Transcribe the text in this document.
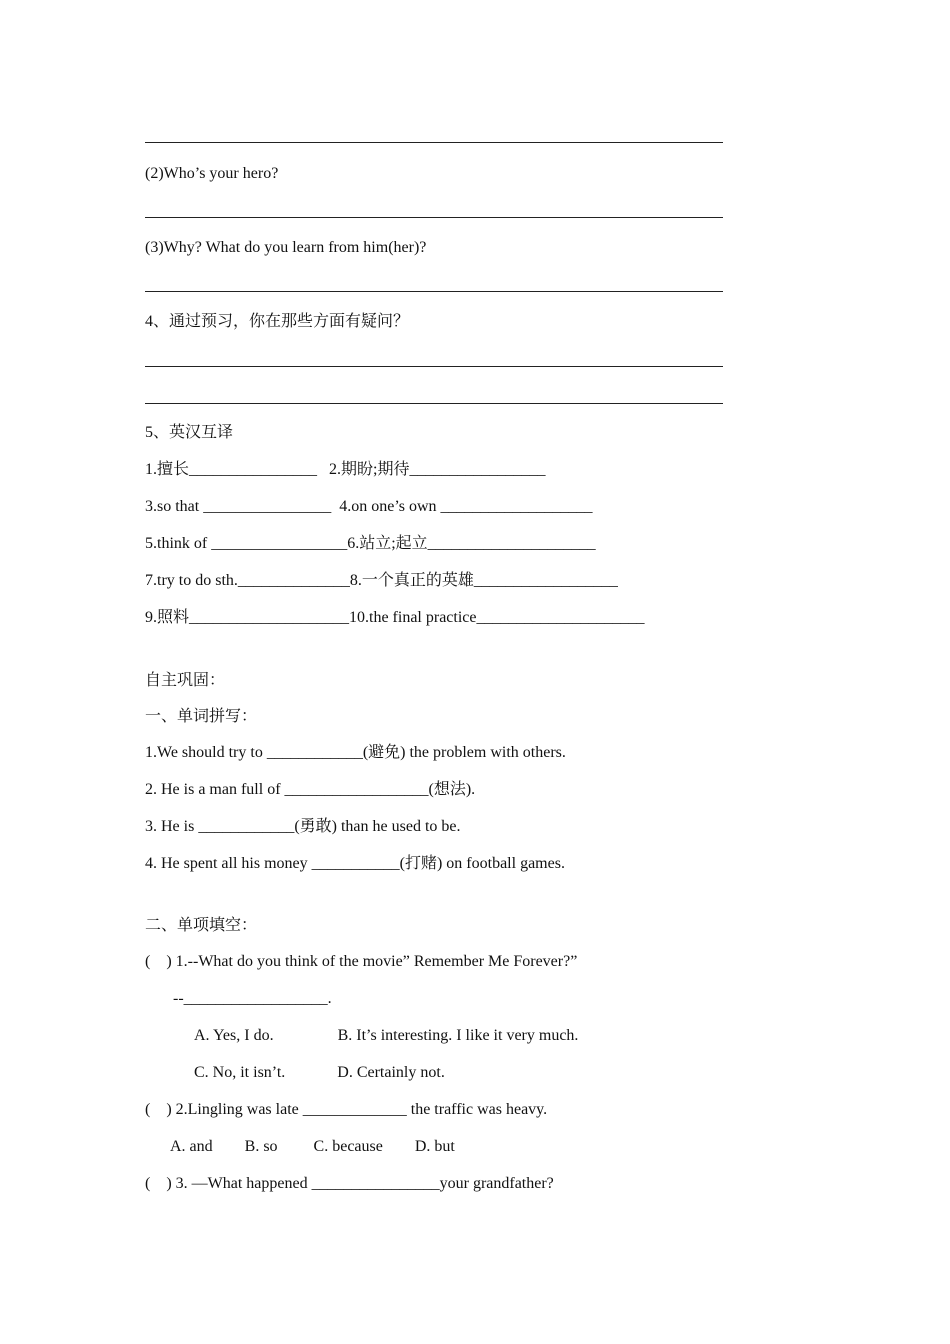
(2)Who’s your hero?
(3)Why? What do you learn from him(her)?
4、通过预习，你在那些方面有疑问？
5、英汉互译
1.擅长________________   2.期盼;期待_________________
3.so that ________________  4.on one’s own ___________________
5.think of _________________6.站立;起立_____________________
7.try to do sth.______________8.一个真正的英雄__________________
9.照料____________________10.the final practice_____________________
自主巩固：
一、单词拼写：
1.We should try to ____________(避免) the problem with others.
2. He is a man full of __________________(想法).
3. He is ____________(勇敢) than he used to be.
4. He spent all his money ___________(打赌) on football games.
二、单项填空：
(    ) 1.--What do you think of the movie” Remember Me Forever?”
--__________________.
A. Yes, I do.                B. It’s interesting. I like it very much.
C. No, it isn’t.             D. Certainly not.
(    ) 2.Lingling was late _____________ the traffic was heavy.
A. and        B. so         C. because        D. but
(    ) 3. —What happened ________________your grandfather?
